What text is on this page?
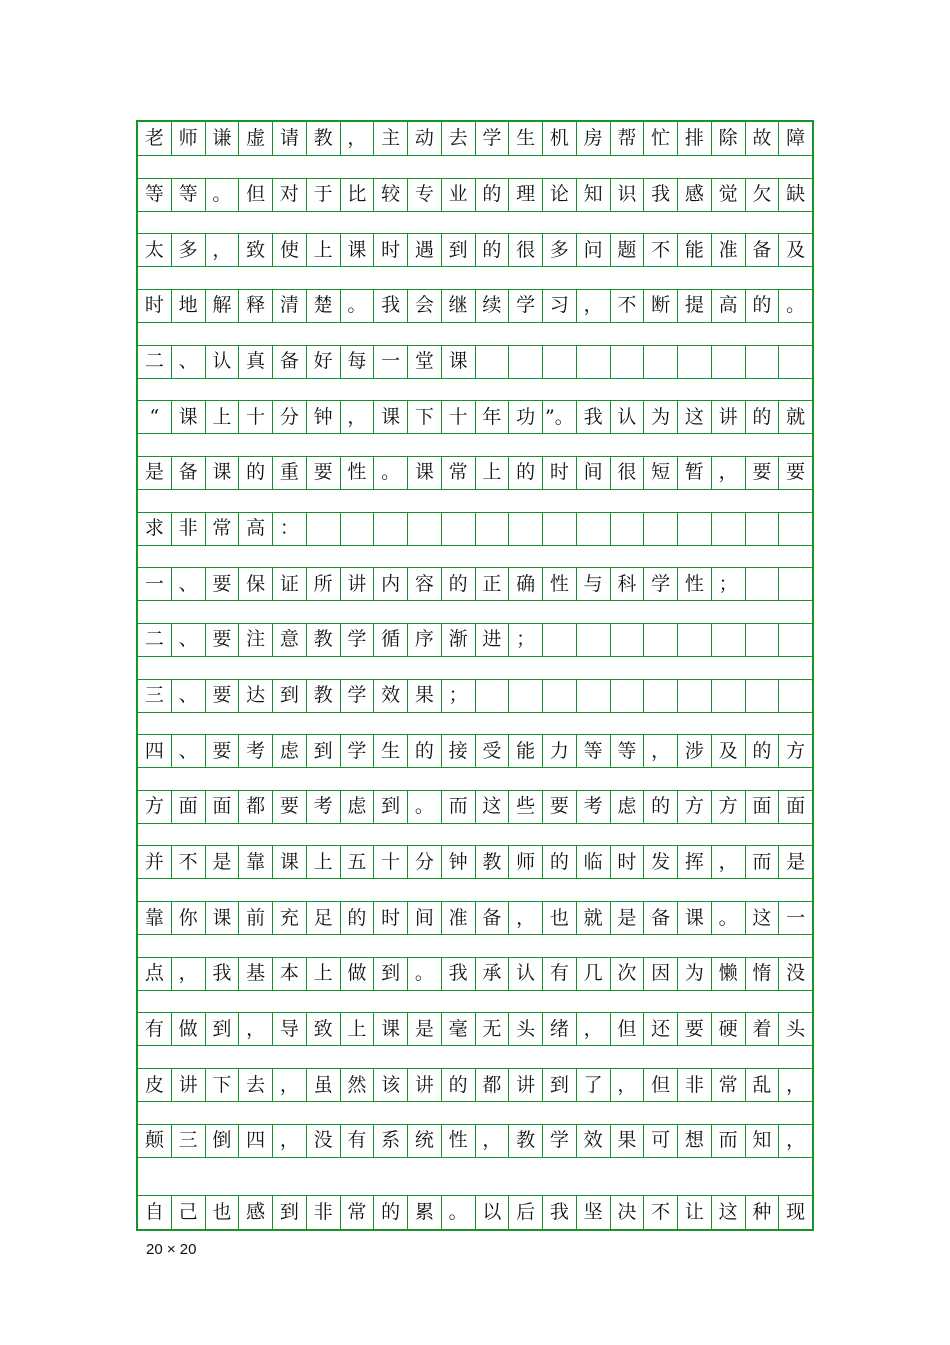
老 师 谦 虚 请 教 ， 主 动 去 学 生 机 房 帮 忙 排 除 故 障
等 等 。 但 对 于 比 较 专 业 的 理 论 知 识 我 感 觉 欠 缺
太 多 ， 致 使 上 课 时 遇 到 的 很 多 问 题 不 能 准 备 及
时 地 解 释 清 楚 。 我 会 继 续 学 习 ， 不 断 提 高 的 。
二 、 认 真 备 好 每 一 堂 课
“	课 上 十 分 钟 ， 课 下 十 年 功 ”。 我 认 为 这 讲 的 就
是 备 课 的 重 要 性 。 课 常 上 的 时 间 很 短 暂 ， 要 要
求 非 常 高 ：
一 、 要 保 证 所 讲 内 容 的 正 确 性 与 科 学 性 ；
二 、 要 注 意 教 学 循 序 渐 进 ；
三 、 要 达 到 教 学 效 果 ；
四 、 要 考 虑 到 学 生 的 接 受 能 力 等 等 ， 涉 及 的 方
方 面 面 都 要 考 虑 到 。 而 这 些 要 考 虑 的 方 方 面 面
并 不 是 靠 课 上 五 十 分 钟 教 师 的 临 时 发 挥 ， 而 是
靠 你 课 前 充 足 的 时 间 准 备 ， 也 就 是 备 课 。 这 一
点 ， 我 基 本 上 做 到 。 我 承 认 有 几 次 因 为 懒 惰 没
有 做 到 ， 导 致 上 课 是 毫 无 头 绪 ， 但 还 要 硬 着 头
皮 讲 下 去 ， 虽 然 该 讲 的 都 讲 到 了 ， 但 非 常 乱 ，
颠 三 倒 四 ， 没 有 系 统 性 ， 教 学 效 果 可 想 而 知 ，
自 己 也 感 到 非 常 的 累 。 以 后 我 坚 决 不 让 这 种 现
20 × 20
